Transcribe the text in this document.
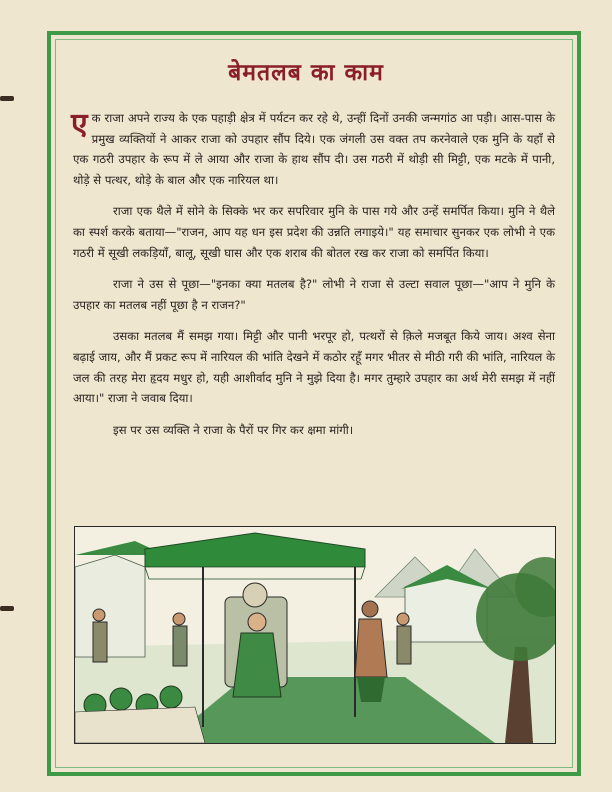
बेमतलब का काम

ए क राजा अपने राज्य के एक पहाड़ी क्षेत्र में पर्यटन कर रहे थे, उन्हीं दिनों उनकी जन्मगांठ आ पड़ी। आस-पास के प्रमुख व्यक्तियों ने आकर राजा को उपहार सौंप दिये। एक जंगली उस वक्त तप करनेवाले एक मुनि के यहाँ से एक गठरी उपहार के रूप में ले आया और राजा के हाथ सौंप दी। उस गठरी में थोड़ी सी मिट्टी, एक मटके में पानी, थोड़े से पत्थर, थोड़े के बाल और एक नारियल था।

राजा एक थैले में सोने के सिक्के भर कर सपरिवार मुनि के पास गये और उन्हें समर्पित किया। मुनि ने थैले का स्पर्श करके बताया—"राजन, आप यह धन इस प्रदेश की उन्नति लगाइये।" यह समाचार सुनकर एक लोभी ने एक गठरी में सूखी लकड़ियाँ, बालू, सूखी घास और एक शराब की बोतल रख कर राजा को समर्पित किया।

राजा ने उस से पूछा—"इनका क्या मतलब है?" लोभी ने राजा से उल्टा सवाल पूछा—"आप ने मुनि के उपहार का मतलब नहीं पूछा है न राजन?"

उसका मतलब मैं समझ गया। मिट्टी और पानी भरपूर हो, पत्थरों से क़िले मजबूत किये जाय। अश्व सेना बढ़ाई जाय, और मैं प्रकट रूप में नारियल की भांति देखने में कठोर रहूँ मगर भीतर से मीठी गरी की भांति, नारियल के जल की तरह मेरा हृदय मधुर हो, यही आशीर्वाद मुनि ने मुझे दिया है। मगर तुम्हारे उपहार का अर्थ मेरी समझ में नहीं आया।" राजा ने जवाब दिया।

इस पर उस व्यक्ति ने राजा के पैरों पर गिर कर क्षमा मांगी।
